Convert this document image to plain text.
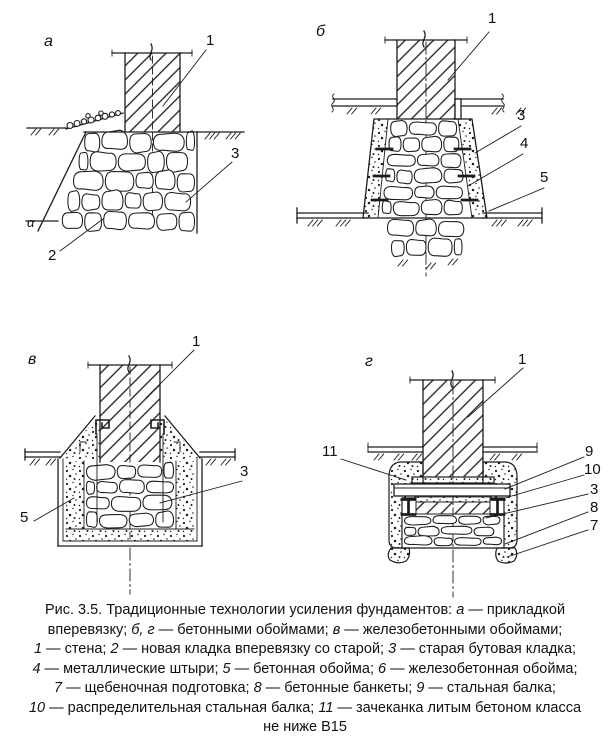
а
б
в	г
1
3
2
α
1
3
4
5
1
3
5
1
11	9
10
3
8
7
Рис. 3.5. Традиционные технологии усиления фундаментов: а — прикладкой
вперевязку; б, г — бетонными обоймами; в — железобетонными обоймами;
1 — стена; 2 — новая кладка вперевязку со старой; 3 — старая бутовая кладка;
4 — металлические штыри; 5 — бетонная обойма; 6 — железобетонная обойма;
7 — щебеночная подготовка; 8 — бетонные банкеты; 9 — стальная балка;
10 — распределительная стальная балка; 11 — зачеканка литым бетоном класса
не ниже В15
